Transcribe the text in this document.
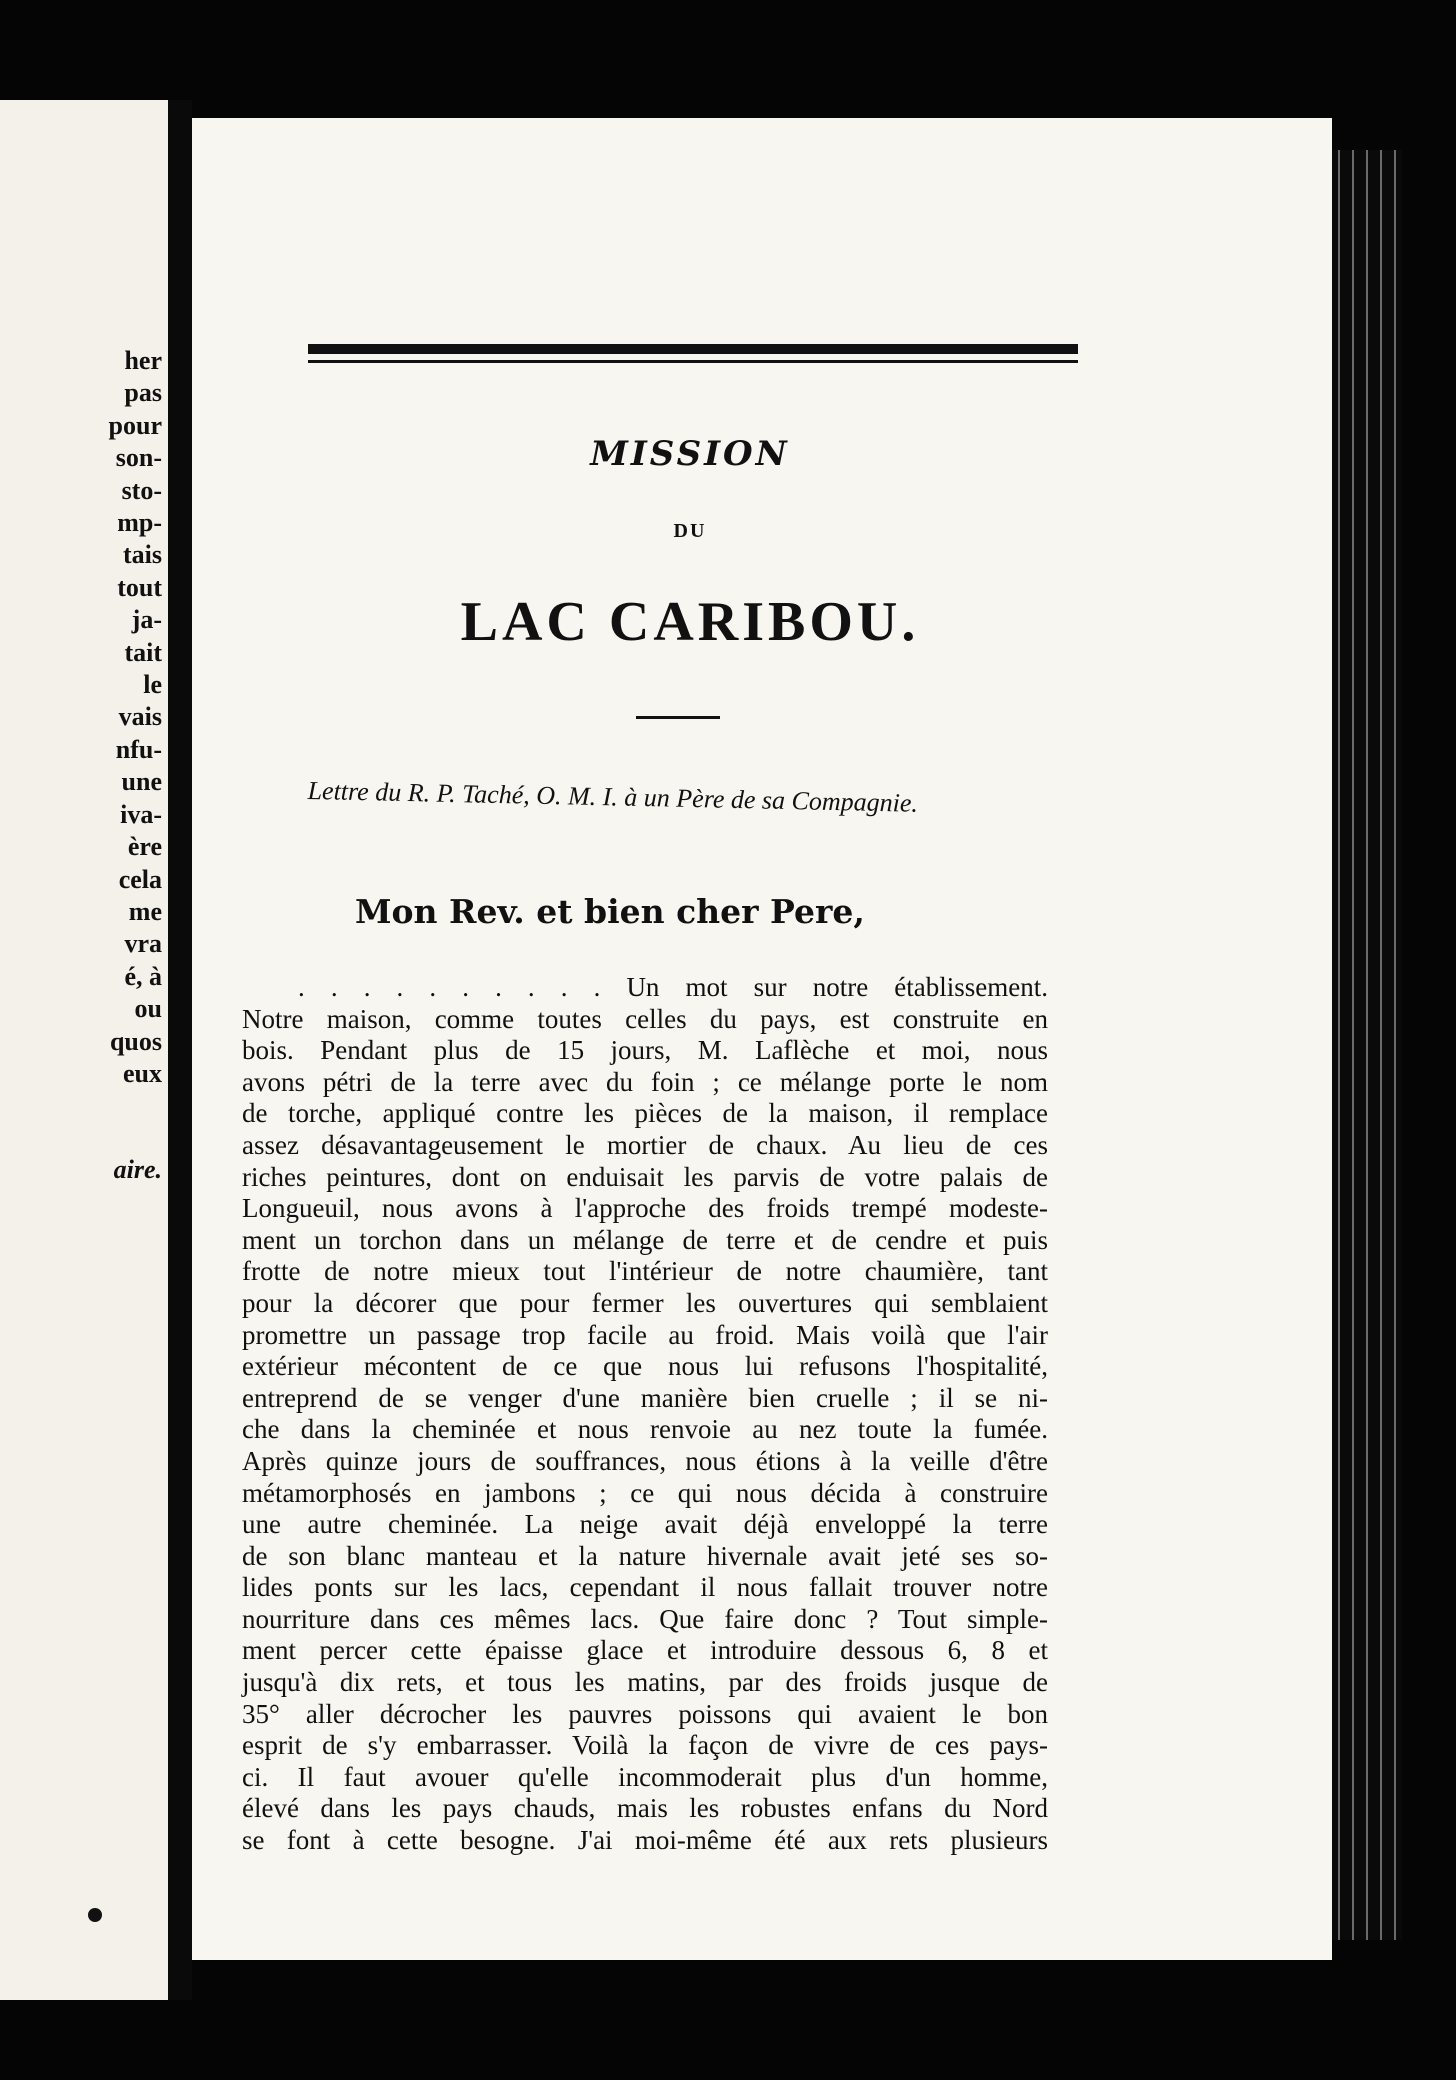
her
pas
pour
son-
sto-
mp-
tais
tout
ja-
tait
le
vais
nfu-
une
iva-
ère
cela
me
vra
é, à
ou
quos
eux
aire.
MISSION
DU
LAC CARIBOU.
Lettre du R. P. Taché, O. M. I. à un Père de sa Compagnie.
Mon Rev. et bien cher Pere,
. . . . . . . . . . Un mot sur notre établissement.
Notre maison, comme toutes celles du pays, est construite en
bois. Pendant plus de 15 jours, M. Laflèche et moi, nous
avons pétri de la terre avec du foin ; ce mélange porte le nom
de torche, appliqué contre les pièces de la maison, il remplace
assez désavantageusement le mortier de chaux. Au lieu de ces
riches peintures, dont on enduisait les parvis de votre palais de
Longueuil, nous avons à l'approche des froids trempé modeste-
ment un torchon dans un mélange de terre et de cendre et puis
frotte de notre mieux tout l'intérieur de notre chaumière, tant
pour la décorer que pour fermer les ouvertures qui semblaient
promettre un passage trop facile au froid. Mais voilà que l'air
extérieur mécontent de ce que nous lui refusons l'hospitalité,
entreprend de se venger d'une manière bien cruelle ; il se ni-
che dans la cheminée et nous renvoie au nez toute la fumée.
Après quinze jours de souffrances, nous étions à la veille d'être
métamorphosés en jambons ; ce qui nous décida à construire
une autre cheminée. La neige avait déjà enveloppé la terre
de son blanc manteau et la nature hivernale avait jeté ses so-
lides ponts sur les lacs, cependant il nous fallait trouver notre
nourriture dans ces mêmes lacs. Que faire donc ? Tout simple-
ment percer cette épaisse glace et introduire dessous 6, 8 et
jusqu'à dix rets, et tous les matins, par des froids jusque de
35° aller décrocher les pauvres poissons qui avaient le bon
esprit de s'y embarrasser. Voilà la façon de vivre de ces pays-
ci. Il faut avouer qu'elle incommoderait plus d'un homme,
élevé dans les pays chauds, mais les robustes enfans du Nord
se font à cette besogne. J'ai moi-même été aux rets plusieurs
